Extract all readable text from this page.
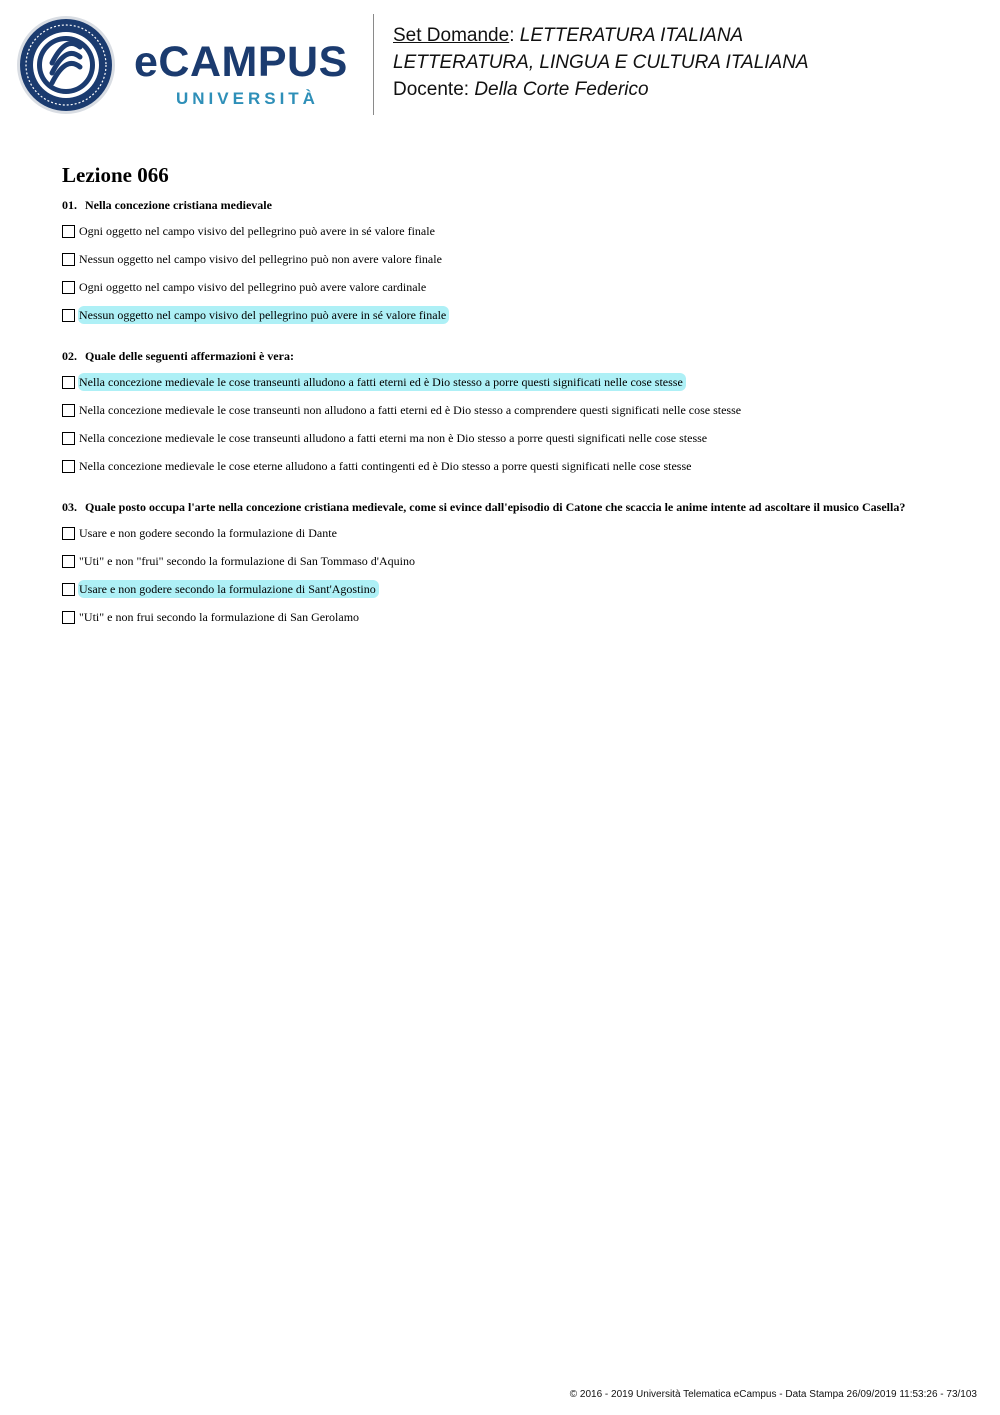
eCAMPUS
UNIVERSITÀ
Set Domande: LETTERATURA ITALIANA
LETTERATURA, LINGUA E CULTURA ITALIANA
Docente: Della Corte Federico
Lezione 066

01. Nella concezione cristiana medievale

Ogni oggetto nel campo visivo del pellegrino può avere in sé valore finale
Nessun oggetto nel campo visivo del pellegrino può non avere valore finale
Ogni oggetto nel campo visivo del pellegrino può avere valore cardinale
Nessun oggetto nel campo visivo del pellegrino può avere in sé valore finale

02. Quale delle seguenti affermazioni è vera:

Nella concezione medievale le cose transeunti alludono a fatti eterni ed è Dio stesso a porre questi significati nelle cose stesse
Nella concezione medievale le cose transeunti non alludono a fatti eterni ed è Dio stesso a comprendere questi significati nelle cose stesse
Nella concezione medievale le cose transeunti alludono a fatti eterni ma non è Dio stesso a porre questi significati nelle cose stesse
Nella concezione medievale le cose eterne alludono a fatti contingenti ed è Dio stesso a porre questi significati nelle cose stesse

03. Quale posto occupa l'arte nella concezione cristiana medievale, come si evince dall'episodio di Catone che scaccia le anime intente ad ascoltare il musico Casella?

Usare e non godere secondo la formulazione di Dante
"Uti" e non "frui" secondo la formulazione di San Tommaso d'Aquino
Usare e non godere secondo la formulazione di Sant'Agostino
"Uti" e non frui secondo la formulazione di San Gerolamo
© 2016 - 2019 Università Telematica eCampus - Data Stampa 26/09/2019 11:53:26 - 73/103
